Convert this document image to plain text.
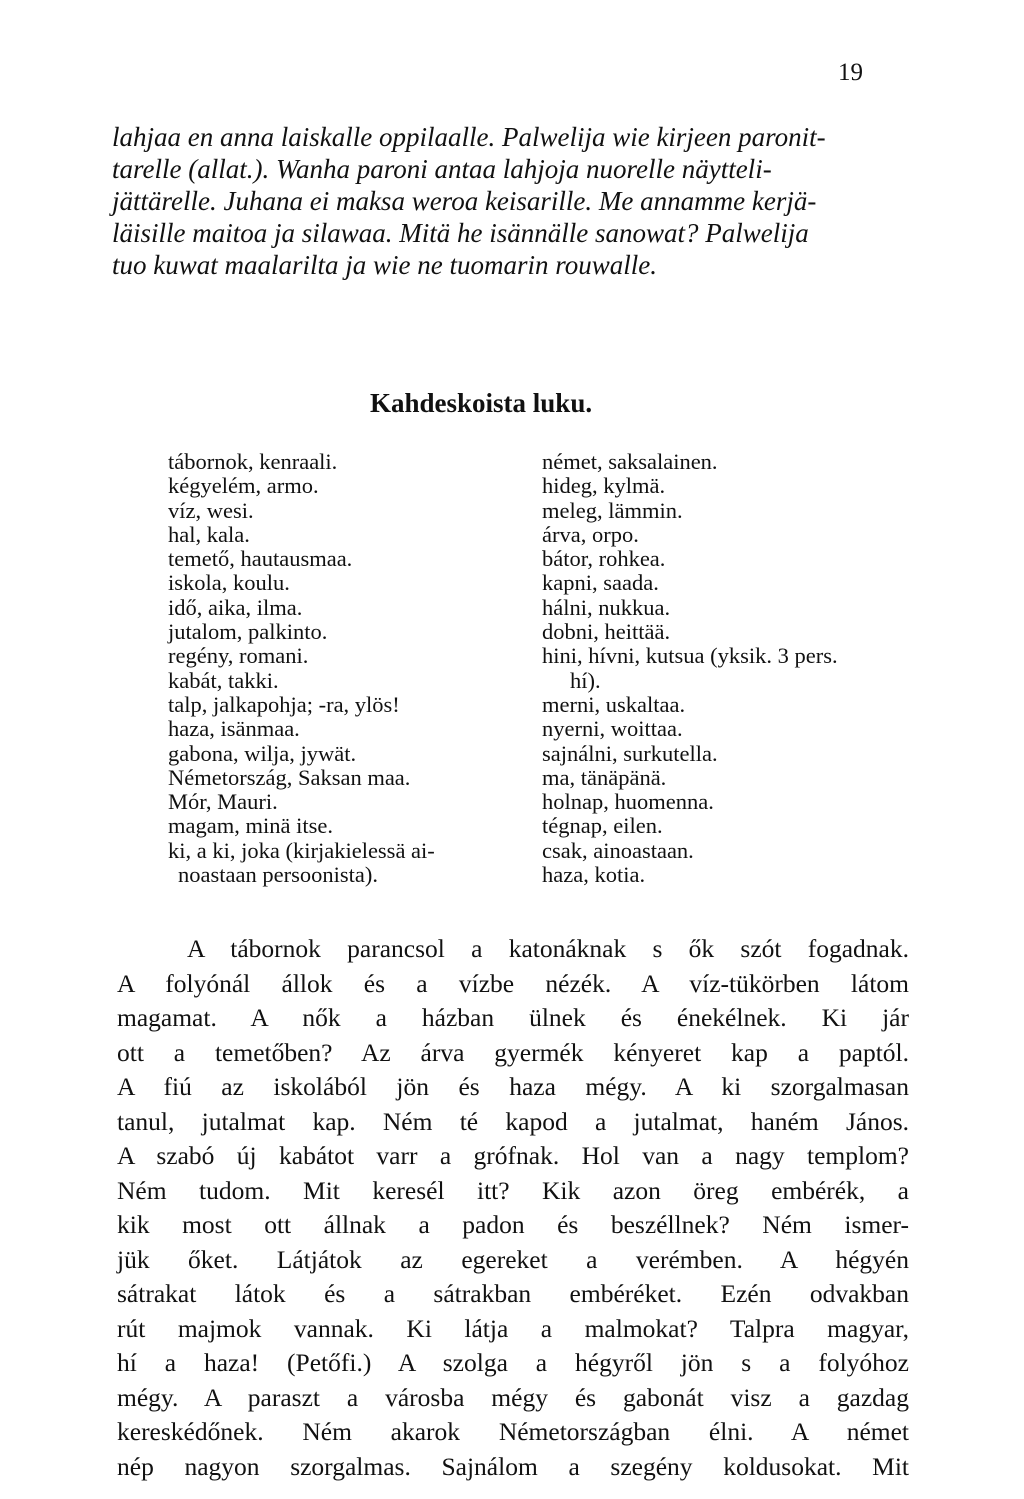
19
lahjaa en anna laiskalle oppilaalle. Palwelija wie kirjeen paronit-
tarelle (allat.). Wanha paroni antaa lahjoja nuorelle näytteli-
jättärelle. Juhana ei maksa weroa keisarille. Me annamme kerjä-
läisille maitoa ja silawaa. Mitä he isännälle sanowat? Palwelija
tuo kuwat maalarilta ja wie ne tuomarin rouwalle.
Kahdeskoista luku.
tábornok, kenraali.
kégyelém, armo.
víz, wesi.
hal, kala.
temető, hautausmaa.
iskola, koulu.
idő, aika, ilma.
jutalom, palkinto.
regény, romani.
kabát, takki.
talp, jalkapohja; -ra, ylös!
haza, isänmaa.
gabona, wilja, jywät.
Németország, Saksan maa.
Mór, Mauri.
magam, minä itse.
ki, a ki, joka (kirjakielessä ai-
noastaan persoonista).
német, saksalainen.
hideg, kylmä.
meleg, lämmin.
árva, orpo.
bátor, rohkea.
kapni, saada.
hálni, nukkua.
dobni, heittää.
hini, hívni, kutsua (yksik. 3 pers.
hí).
merni, uskaltaa.
nyerni, woittaa.
sajnálni, surkutella.
ma, tänäpänä.
holnap, huomenna.
tégnap, eilen.
csak, ainoastaan.
haza, kotia.
A tábornok parancsol a katonáknak s ők szót fogadnak.
A folyónál állok és a vízbe nézék. A víz-tükörben látom
magamat. A nők a házban ülnek és énekélnek. Ki jár
ott a temetőben? Az árva gyermék kényeret kap a paptól.
A fiú az iskolából jön és haza mégy. A ki szorgalmasan
tanul, jutalmat kap. Ném té kapod a jutalmat, haném János.
A szabó új kabátot varr a grófnak. Hol van a nagy templom?
Ném tudom. Mit keresél itt? Kik azon öreg embérék, a
kik most ott állnak a padon és beszéllnek? Ném ismer-
jük őket. Látjátok az egereket a verémben. A hégyén
sátrakat látok és a sátrakban embéréket. Ezén odvakban
rút majmok vannak. Ki látja a malmokat? Talpra magyar,
hí a haza! (Petőfi.) A szolga a hégyről jön s a folyóhoz
mégy. A paraszt a városba mégy és gabonát visz a gazdag
kereskédőnek. Ném akarok Németországban élni. A német
nép nagyon szorgalmas. Sajnálom a szegény koldusokat. Mit
